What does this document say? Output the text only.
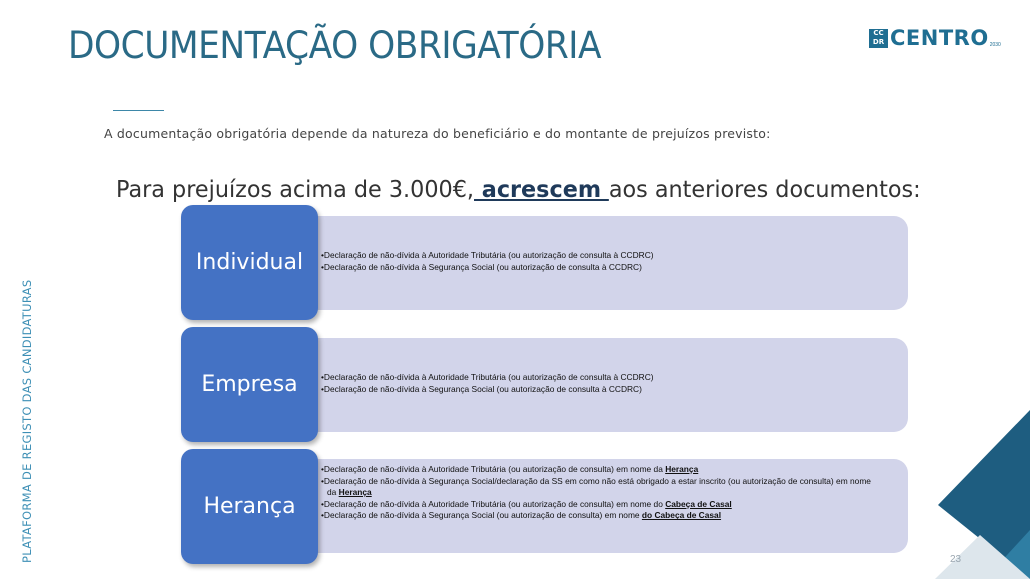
DOCUMENTAÇÃO OBRIGATÓRIA	CC
DR CENTRO 2030
A documentação obrigatória depende da natureza do beneficiário e do montante de prejuízos previsto:
Para prejuízos acima de 3.000€, acrescem aos anteriores documentos:
PLATAFORMA DE REGISTO DAS CANDIDATURAS
•Declaração de não-dívida à Autoridade Tributária (ou autorização de consulta à CCDRC)
•Declaração de não-dívida à Segurança Social (ou autorização de consulta à CCDRC)
Individual
•Declaração de não-dívida à Autoridade Tributária (ou autorização de consulta à CCDRC)
•Declaração de não-dívida à Segurança Social (ou autorização de consulta à CCDRC)
Empresa
•Declaração de não-dívida à Autoridade Tributária (ou autorização de consulta) em nome da Herança
•Declaração de não-dívida à Segurança Social/declaração da SS em como não está obrigado a estar inscrito (ou autorização de consulta) em nome da Herança
•Declaração de não-dívida à Autoridade Tributária (ou autorização de consulta) em nome do Cabeça de Casal
•Declaração de não-dívida à Segurança Social (ou autorização de consulta) em nome do Cabeça de Casal
Herança
23
